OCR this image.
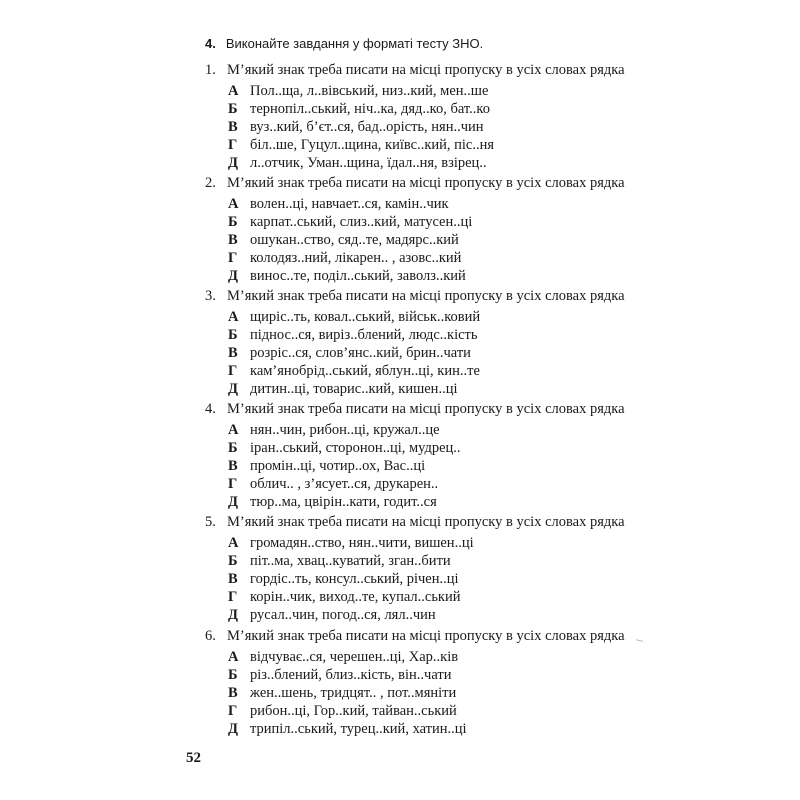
4. Виконайте завдання у форматі тесту ЗНО.
1. М’який знак треба писати на місці пропуску в усіх словах рядка
А Пол..ща, л..вівський, низ..кий, мен..ше
Б тернопіл..ський, ніч..ка, дяд..ко, бат..ко
В вуз..кий, б’єт..ся, бад..орість, нян..чин
Г біл..ше, Гуцул..щина, київс..кий, піс..ня
Д л..отчик, Уман..щина, їдал..ня, взірец..
2. М’який знак треба писати на місці пропуску в усіх словах рядка
А волен..ці, навчает..ся, камін..чик
Б карпат..ський, слиз..кий, матусен..ці
В ошукан..ство, сяд..те, мадярс..кий
Г колодяз..ний, лікарен.. , азовс..кий
Д винос..те, поділ..ський, заволз..кий
3. М’який знак треба писати на місці пропуску в усіх словах рядка
А щиріс..ть, ковал..ський, військ..ковий
Б піднос..ся, виріз..блений, людс..кість
В розріс..ся, слов’янс..кий, брин..чати
Г кам’янобрід..ський, яблун..ці, кин..те
Д дитин..ці, товарис..кий, кишен..ці
4. М’який знак треба писати на місці пропуску в усіх словах рядка
А нян..чин, рибон..ці, кружал..це
Б іран..ський, сторонон..ці, мудрец..
В промін..ці, чотир..ох, Вас..ці
Г облич.. , з’ясует..ся, друкарен..
Д тюр..ма, цвірін..кати, годит..ся
5. М’який знак треба писати на місці пропуску в усіх словах рядка
А громадян..ство, нян..чити, вишен..ці
Б піт..ма, хвац..куватий, зган..бити
В гордіс..ть, консул..ський, річен..ці
Г корін..чик, виход..те, купал..ський
Д русал..чин, погод..ся, лял..чин
6. М’який знак треба писати на місці пропуску в усіх словах рядка
А відчуває..ся, черешен..ці, Хар..ків
Б різ..блений, близ..кість, він..чати
В жен..шень, тридцят.. , пот..мяніти
Г рибон..ці, Гор..кий, тайван..ський
Д трипіл..ський, турец..кий, хатин..ці
52
